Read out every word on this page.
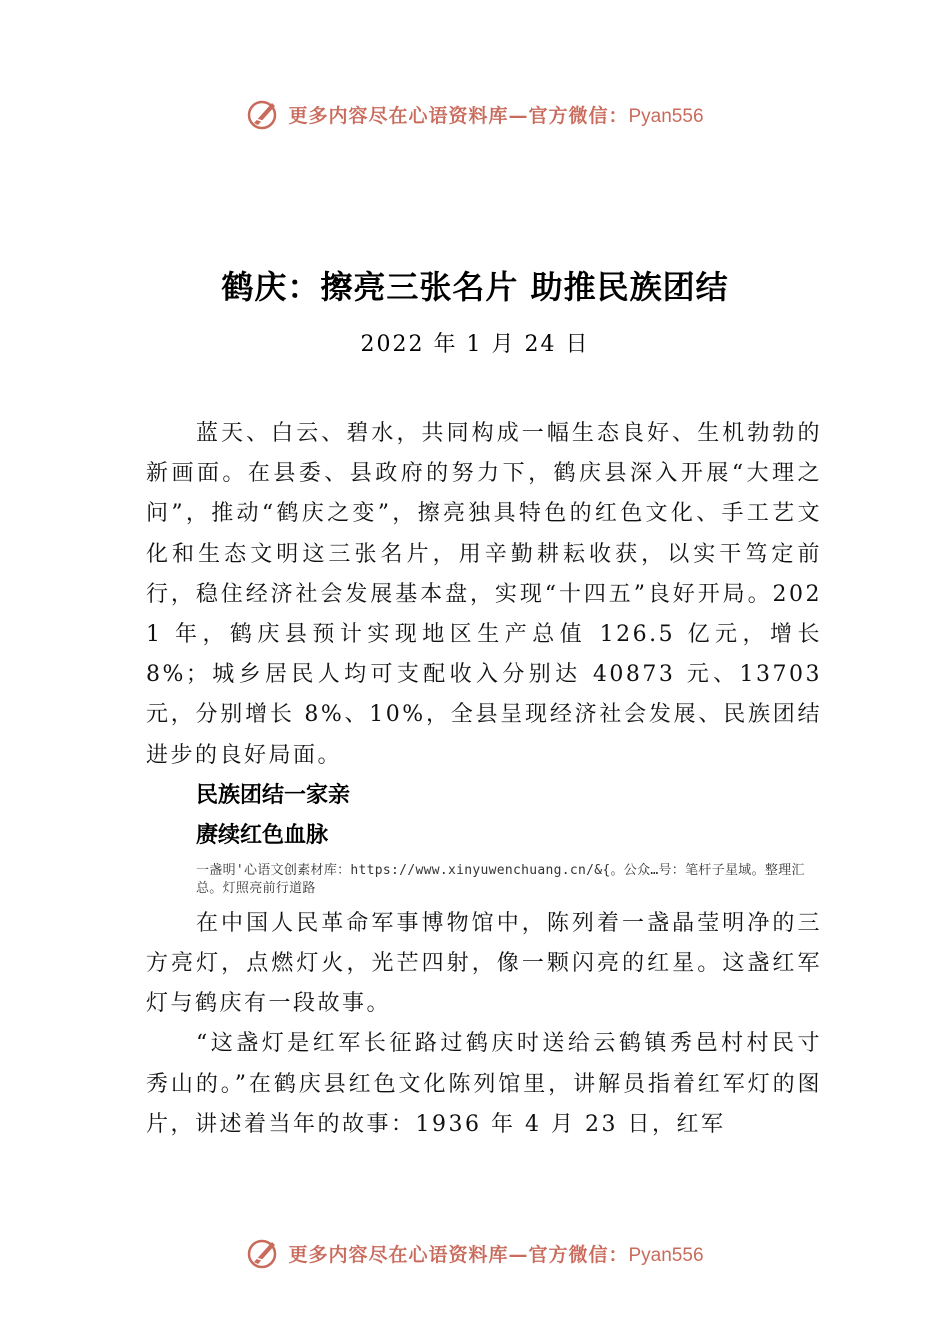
更多内容尽在心语资料库—官方微信：Pyan556
鹤庆：擦亮三张名片 助推民族团结
2022 年 1 月 24 日

蓝天、白云、碧水，共同构成一幅生态良好、生机勃勃的新画面。在县委、县政府的努力下，鹤庆县深入开展“大理之问”，推动“鹤庆之变”，擦亮独具特色的红色文化、手工艺文化和生态文明这三张名片，用辛勤耕耘收获，以实干笃定前行，稳住经济社会发展基本盘，实现“十四五”良好开局。2021 年，鹤庆县预计实现地区生产总值 126.5 亿元，增长 8%；城乡居民人均可支配收入分别达 40873 元、13703 元，分别增长 8%、10%，全县呈现经济社会发展、民族团结进步的良好局面。

民族团结一家亲
赓续红色血脉
一盏明'心语文创素材库：https://www.xinyuwenchuang.cn/&{。公众…号：笔杆子星域。整理汇总。灯照亮前行道路

在中国人民革命军事博物馆中，陈列着一盏晶莹明净的三方亮灯，点燃灯火，光芒四射，像一颗闪亮的红星。这盏红军灯与鹤庆有一段故事。

“这盏灯是红军长征路过鹤庆时送给云鹤镇秀邑村村民寸秀山的。”在鹤庆县红色文化陈列馆里，讲解员指着红军灯的图片，讲述着当年的故事：1936 年 4 月 23 日，红军

更多内容尽在心语资料库—官方微信：Pyan556
